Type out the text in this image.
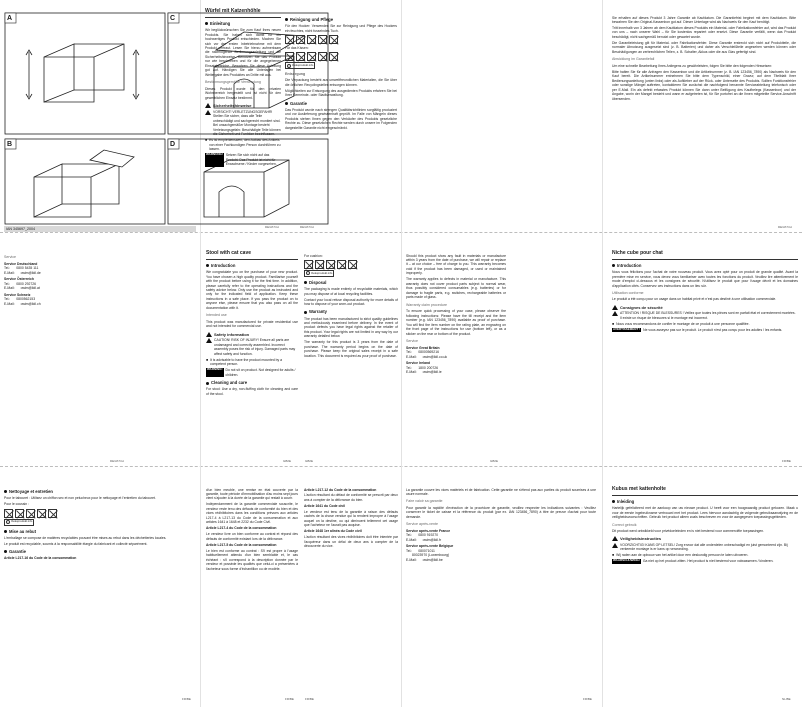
A	C
B	D
IAN 345697_2004
Würfel mit Katzenhöhle
Einleitung
Wir beglückwünschen Sie zum Kauf Ihres neuen Produkts. Sie haben sich damit für ein hochwertiges Produkt entschieden. Machen Sie sich vor der ersten Inbetriebnahme mit dem Produkt vertraut. Lesen Sie hierzu aufmerksam die nachfolgende Bedienungsanleitung und die Sicherheitshinweise. Benutzen Sie das Produkt nur wie beschrieben und für die angegebenen Einsatzbereiche. Bewahren Sie diese Anleitung gut auf. Händigen Sie alle Unterlagen bei Weitergabe des Produktes an Dritte mit aus.
Bestimmungsgemäße Verwendung
Dieses Produkt wurde für den privaten Wohnbereich hergestellt und ist nicht für den gewerblichen Einsatz bestimmt.
Sicherheitshinweise
VORSICHT! VERLETZUNGSGEFAHR! Stellen Sie sicher, dass alle Teile unbeschädigt und sachgerecht montiert sind. Bei unsachgemäßer Montage besteht Verletzungsgefahr. Beschädigte Teile können die Sicherheit und Funktion beeinflussen.
■ Es ist empfehlenswert, den Aufbau des Artikels von einer Fachkundigen Person durchführen zu lassen.
WARNUNG! Setzen Sie sich nicht auf das Produkt. Das Produkt ist nicht für Erwachsene / Kinder vorgesehen.
DE/AT/CH
Reinigung und Pflege
Für den Hocker: Verwenden Sie zur Reinigung und Pflege des Hockers ein feuchtes, nicht fusselndes Tuch.
Für das Kissen:
Oekoprodukt.info
Entsorgung
Die Verpackung besteht aus umweltfreundlichen Materialien, die Sie über die örtlichen Recyclingstellen entsorgen können.
Möglichkeiten zur Entsorgung des ausgedienten Produkts erfahren Sie bei Ihrer Gemeinde- oder Stadtverwaltung.
Garantie
Das Produkt wurde nach strengen Qualitätsrichtlinien sorgfältig produziert und vor Auslieferung gewissenhaft geprüft. Im Falle von Mängeln dieses Produkts stehen Ihnen gegen den Verkäufer des Produkts gesetzliche Rechte zu. Diese gesetzlichen Rechte werden durch unsere im Folgenden dargestellte Garantie nicht eingeschränkt.
DE/AT/CH
Sie erhalten auf dieses Produkt 3 Jahre Garantie ab Kaufdatum. Die Garantiefrist beginnt mit dem Kaufdatum. Bitte bewahren Sie den Original-Kassenbon gut auf. Dieser Unterlage wird als Nachweis für den Kauf benötigt.
Tritt innerhalb von 3 Jahren ab dem Kaufdatum dieses Produkts ein Material- oder Fabrikationsfehler auf, wird das Produkt von uns – nach unserer Wahl – für Sie kostenlos repariert oder ersetzt. Diese Garantie verfällt, wenn das Produkt beschädigt, nicht sachgemäß benutzt oder gewartet wurde.
Die Garantieleistung gilt für Material- oder Fabrikationsfehler. Diese Garantie erstreckt sich nicht auf Produktteile, die normaler Abnutzung ausgesetzt sind (z. B. Batterien) und daher als Verschleißteile angesehen werden können oder Beschädigungen an zerbrechlichen Teilen, z. B. Schalter, Akkus oder die aus Glas gefertigt sind.
Abwicklung im Garantiefall
Um eine schnelle Bearbeitung Ihres Anliegens zu gewährleisten, folgen Sie bitte den folgenden Hinweisen:
Bitte halten Sie für alle Anfragen den Kassenbon und die Artikelnummer (z. B. IAN 123456_7890) als Nachweis für den Kauf bereit. Die Artikelnummer entnehmen Sie bitte dem Typenschild, einer Gravur, auf dem Titelblatt Ihrer Bedienungsanleitung (unten links) oder als Aufkleber auf der Rück- oder Unterseite des Produkts. Sollten Funktionsfehler oder sonstige Mängel auftreten, kontaktieren Sie zunächst die nachfolgend benannte Serviceabteilung telefonisch oder per E-Mail. Ein als defekt erfasstes Produkt können Sie dann unter Beifügung des Kaufbelegs (Kassenbon) und der Angabe, worin der Mangel besteht und wann er aufgetreten ist, für Sie portofrei an die Ihnen mitgeteilte Service-Anschrift übersenden.
DE/AT/CH
Service
Service Deutschland
Tel.: 0800 5435 111
E-Mail: owim@lidl.de
Service Österreich
Tel.: 0800 292726
E-Mail: owim@lidl.at
Service Schweiz
Tel.: 0800562153
E-Mail: owim@lidl.ch
DE/AT/CH
Stool with cat cave
Introduction
We congratulate you on the purchase of your new product. You have chosen a high quality product. Familiarise yourself with the product before using it for the first time. In addition, please carefully refer to the operating instructions and the safety advice below. Only use the product as instructed and only for the indicated field of application. Keep these instructions in a safe place. If you pass the product on to anyone else, please ensure that you also pass on all the documentation with it.
Intended use
This product was manufactured for private residential use and not intended for commercial use.
Safety information
CAUTION! RISK OF INJURY! Ensure all parts are undamaged and correctly assembled. Incorrect assembly poses the risk of injury. Damaged parts may affect safety and function.
■ It is advisable to have the product mounted by a competent person.
WARNING! Do not sit on product. Not designed for adults / children.
Cleaning and care
For stool: Use a dry, non-fluffing cloth for cleaning and care of the stool.
GB/IE
For cushion:
Oekoprodukt.info
Disposal
The packaging is made entirely of recyclable materials, which you may dispose of at local recycling facilities.
Contact your local refuse disposal authority for more details of how to dispose of your worn-out product.
Warranty
The product has been manufactured to strict quality guidelines and meticulously examined before delivery. In the event of product defects you have legal rights against the retailer of this product. Your legal rights are not limited in any way by our warranty detailed below.
The warranty for this product is 3 years from the date of purchase. The warranty period begins on the date of purchase. Please keep the original sales receipt in a safe location. This document is required as your proof of purchase.
GB/IE
Should this product show any fault in materials or manufacture within 3 years from the date of purchase, we will repair or replace it – at our choice – free of charge to you. This warranty becomes void if the product has been damaged, or used or maintained improperly.
The warranty applies to defects in material or manufacture. This warranty does not cover product parts subject to normal wear, thus possibly considered consumables (e.g. batteries) or for damage to fragile parts, e.g. switches, rechargeable batteries or parts made of glass.
Warranty claim procedure
To ensure quick processing of your case, please observe the following instructions: Please have the till receipt and the item number (e.g. IAN 123456_7890) available as proof of purchase. You will find the item number on the rating plate, an engraving on the front page of the instructions for use (bottom left), or as a sticker on the rear or bottom of the product.
Service
Service Great Britain
Tel.: 08000569216
E-Mail: owim@lidl.co.uk
Service Ireland
Tel.: 1800 200726
E-Mail: owim@lidl.ie
GB/IE
Niche cube pour chat
Introduction
Nous vous félicitons pour l'achat de votre nouveau produit. Vous avez opté pour un produit de grande qualité. Avant la première mise en service, vous devez vous familiariser avec toutes les fonctions du produit. Veuillez lire attentivement le mode d'emploi ci-dessous et les consignes de sécurité. N'utilisez le produit que pour l'usage décrit et les domaines d'application cités. Conservez ces instructions dans un lieu sûr.
Utilisation conforme
Le produit a été conçu pour un usage dans un habitat privé et n'est pas destiné à une utilisation commerciale.
Consignes de sécurité
ATTENTION ! RISQUE DE BLESSURES ! Veillez que toutes les pièces sont en parfait état et correctement montées. Il existe un risque de blessures si le montage est incorrect.
■ Nous vous recommandons de confier le montage de ce produit à une personne qualifiée.
AVERTISSEMENT ! Ne vous asseyez pas sur le produit. Le produit n'est pas conçu pour les adultes / les enfants.
FR/BE
Nettoyage et entretien
Pour le tabouret : Utilisez un chiffon sec et non pelucheux pour le nettoyage et l'entretien du tabouret.
Pour le coussin :
Oekoprodukt.info
Mise au rebut
L'emballage se compose de matières recyclables pouvant être mises au rebut dans les déchetteries locales.
Le produit est recyclable, soumis à la responsabilité élargie du fabricant et collecté séparément.
Garantie
Article L217-16 du Code de la consommation
FR/BE
d'un bien meuble, une remise en état couverte par la garantie, toute période d'immobilisation d'au moins sept jours vient s'ajouter à la durée de la garantie qui restait à courir.
Indépendamment de la garantie commerciale souscrite, le vendeur reste tenu des défauts de conformité du bien et des vices rédhibitoires dans les conditions prévues aux articles L217-4 à L217-13 du Code de la consommation et aux articles 1641 à 1648 et 2232 du Code Civil.
Article L217-4 du Code de la consommation
Le vendeur livre un bien conforme au contrat et répond des défauts de conformité existant lors de la délivrance.
Article L217-5 du Code de la consommation
Le bien est conforme au contrat : S'il est propre à l'usage habituellement attendu d'un bien semblable et, le cas échéant : s'il correspond à la description donnée par le vendeur et possède les qualités que celui-ci a présentées à l'acheteur sous forme d'échantillon ou de modèle.
FR/BE
Article L217-12 du Code de la consommation
L'action résultant du défaut de conformité se prescrit par deux ans à compter de la délivrance du bien.
Article 1641 du Code civil
Le vendeur est tenu de la garantie à raison des défauts cachés de la chose vendue qui la rendent impropre à l'usage auquel on la destine, ou qui diminuent tellement cet usage que l'acheteur ne l'aurait pas acquise.
Article 1648 1er alinéa du Code civil
L'action résultant des vices rédhibitoires doit être intentée par l'acquéreur dans un délai de deux ans à compter de la découverte du vice.
FR/BE
La garantie couvre les vices matériels et de fabrication. Cette garantie ne s'étend pas aux parties du produit soumises à une usure normale.
Faire valoir sa garantie
Pour garantir la rapidité d'exécution de la procédure de garantie, veuillez respecter les indications suivantes : Veuillez conserver le ticket de caisse et la référence du produit (par ex. IAN 123456_7890) à titre de preuve d'achat pour toute demande.
Service après-vente
Service après-vente France
Tel.: 0800 919270
E-Mail: owim@lidl.fr
Service après-vente Belgique
Tel.: 080071011
80023970 (Luxembourg)
E-Mail: owim@lidl.be
FR/BE
Kubus met kattenholte
Inleiding
Hartelijk gefeliciteerd met de aankoop van uw nieuwe product. U heeft voor een hoogwaardig product gekozen. Maak u voor de eerste ingebruikname vertrouwd met het product. Lees hiervoor aandachtig de volgende gebruiksaanwijzing en de veiligheidsvoorschriften. Gebruik het product alleen zoals beschreven en voor de aangegeven toepassingsgebieden.
Correct gebruik
Dit product werd ontwikkeld voor privédoeleinden en is niet bestemd voor commerciële toepassingen.
Veiligheidsinstructies
VOORZICHTIG! KANS OP LETSEL! Zorg ervoor dat alle onderdelen onbeschadigd en juist gemonteerd zijn. Bij verkeerde montage is er kans op verwonding.
■ Wij raden aan de opbouw van het artikel door een deskundig persoon te laten uitvoeren.
WAARSCHUWING! Ga niet op het product zitten. Het product is niet bestemd voor volwassenen / kinderen.
NL/BE
